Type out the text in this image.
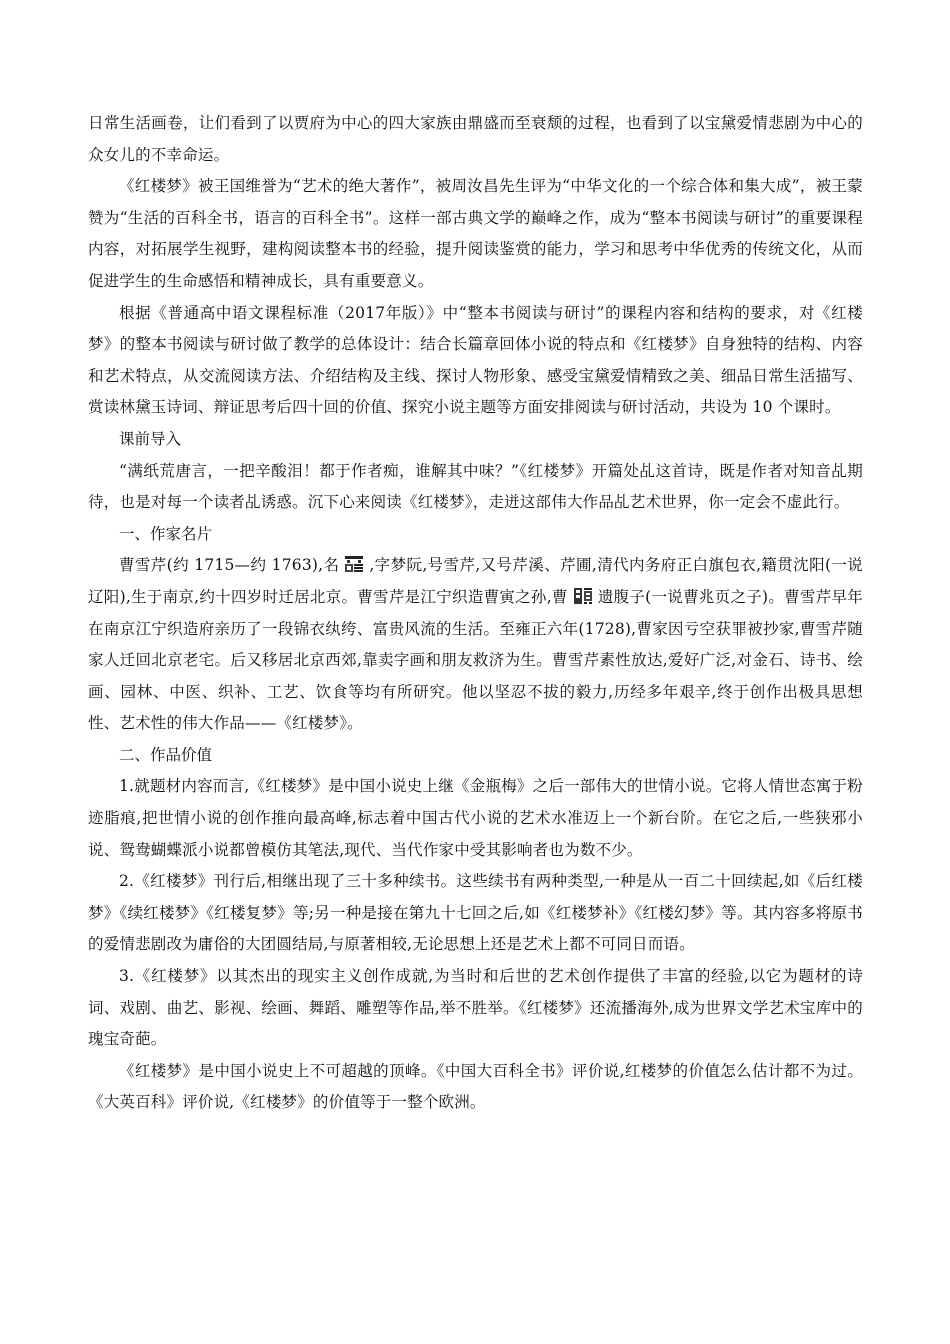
日常生活画卷，让们看到了以贾府为中心的四大家族由鼎盛而至衰颓的过程，也看到了以宝黛爱情悲剧为中心的众女儿的不幸命运。

《红楼梦》被王国维誉为“艺术的绝大著作”，被周汝昌先生评为“中华文化的一个综合体和集大成”，被王蒙赞为“生活的百科全书，语言的百科全书”。这样一部古典文学的巅峰之作，成为“整本书阅读与研讨”的重要课程内容，对拓展学生视野，建构阅读整本书的经验，提升阅读鉴赏的能力，学习和思考中华优秀的传统文化，从而促进学生的生命感悟和精神成长，具有重要意义。

根据《普通高中语文课程标准（2017年版）》中“整本书阅读与研讨”的课程内容和结构的要求，对《红楼梦》的整本书阅读与研讨做了教学的总体设计：结合长篇章回体小说的特点和《红楼梦》自身独特的结构、内容和艺术特点，从交流阅读方法、介绍结构及主线、探讨人物形象、感受宝黛爱情精致之美、细品日常生活描写、赏读林黛玉诗词、辩证思考后四十回的价值、探究小说主题等方面安排阅读与研讨活动，共设为 10 个课时。

课前导入

“满纸荒唐言，一把辛酸泪！都于作者痴，谁解其中味？”《红楼梦》开篇处乩这首诗，既是作者对知音乩期待，也是对每一个读者乩诱惑。沉下心来阅读《红楼梦》，走迸这部伟大作品乩艺术世界，你一定会不虚此行。

一、作家名片

曹雪芹(约 1715—约 1763),名 ,字梦阮,号雪芹,又号芹溪、芹圃,清代内务府正白旗包衣,籍贯沈阳(一说辽阳),生于南京,约十四岁时迁居北京。曹雪芹是江宁织造曹寅之孙,曹 遗腹子(一说曹兆页之子)。曹雪芹早年在南京江宁织造府亲历了一段锦衣纨绔、富贵风流的生活。至雍正六年(1728),曹家因亏空获罪被抄家,曹雪芹随家人迁回北京老宅。后又移居北京西郊,靠卖字画和朋友救济为生。曹雪芹素性放达,爱好广泛,对金石、诗书、绘画、园林、中医、织补、工艺、饮食等均有所研究。他以坚忍不拔的毅力,历经多年艰辛,终于创作出极具思想性、艺术性的伟大作品——《红楼梦》。

二、作品价值

1.就题材内容而言,《红楼梦》是中国小说史上继《金瓶梅》之后一部伟大的世情小说。它将人情世态寓于粉迹脂痕,把世情小说的创作推向最高峰,标志着中国古代小说的艺术水准迈上一个新台阶。在它之后,一些狭邪小说、鸳鸯蝴蝶派小说都曾模仿其笔法,现代、当代作家中受其影响者也为数不少。

2.《红楼梦》刊行后,相继出现了三十多种续书。这些续书有两种类型,一种是从一百二十回续起,如《后红楼梦》《续红楼梦》《红楼复梦》等;另一种是接在第九十七回之后,如《红楼梦补》《红楼幻梦》等。其内容多将原书的爱情悲剧改为庸俗的大团圆结局,与原著相较,无论思想上还是艺术上都不可同日而语。

3.《红楼梦》以其杰出的现实主义创作成就,为当时和后世的艺术创作提供了丰富的经验,以它为题材的诗词、戏剧、曲艺、影视、绘画、舞蹈、雕塑等作品,举不胜举。《红楼梦》还流播海外,成为世界文学艺术宝库中的瑰宝奇葩。

《红楼梦》是中国小说史上不可超越的顶峰。《中国大百科全书》评价说,红楼梦的价值怎么估计都不为过。《大英百科》评价说,《红楼梦》的价值等于一整个欧洲。
